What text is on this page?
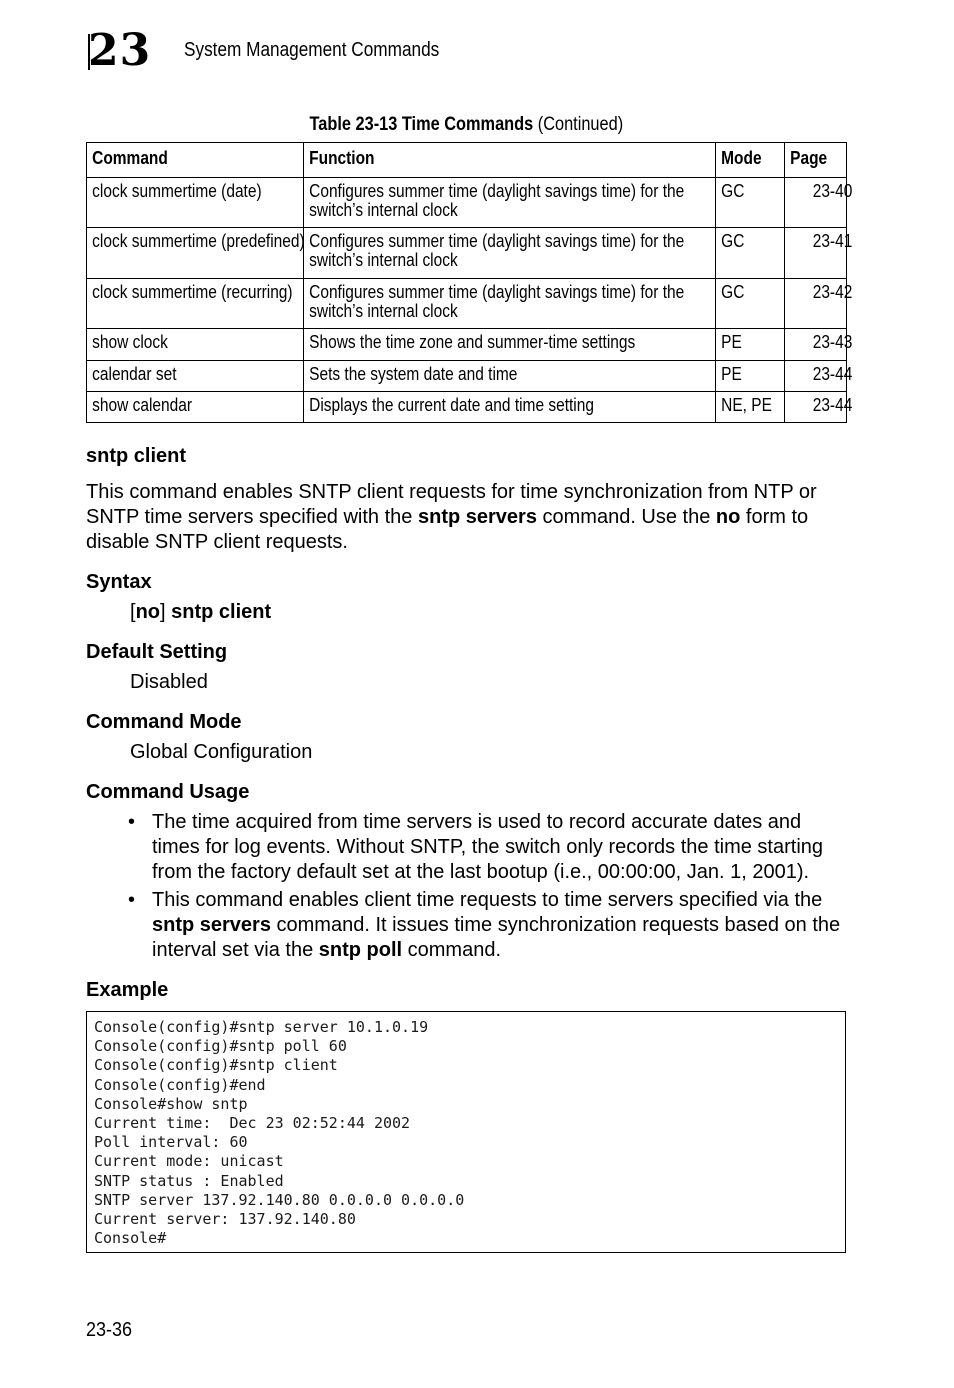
23	System Management Commands
Table 23-13 Time Commands (Continued)
Command	Function	Mode	Page

clock summertime (date)	Configures summer time (daylight savings time) for the switch’s internal clock	GC	23-40

clock summertime (predefined)	Configures summer time (daylight savings time) for the switch’s internal clock	GC	23-41

clock summertime (recurring)	Configures summer time (daylight savings time) for the switch’s internal clock	GC	23-42

show clock	Shows the time zone and summer-time settings	PE	23-43

calendar set	Sets the system date and time	PE	23-44

show calendar	Displays the current date and time setting	NE, PE	23-44
sntp client
This command enables SNTP client requests for time synchronization from NTP or SNTP time servers specified with the sntp servers command. Use the no form to disable SNTP client requests.
Syntax
[no] sntp client
Default Setting
Disabled
Command Mode
Global Configuration
Command Usage
• The time acquired from time servers is used to record accurate dates and times for log events. Without SNTP, the switch only records the time starting from the factory default set at the last bootup (i.e., 00:00:00, Jan. 1, 2001).
• This command enables client time requests to time servers specified via the sntp servers command. It issues time synchronization requests based on the interval set via the sntp poll command.
Example
Console(config)#sntp server 10.1.0.19
Console(config)#sntp poll 60
Console(config)#sntp client
Console(config)#end
Console#show sntp
Current time:  Dec 23 02:52:44 2002
Poll interval: 60
Current mode: unicast
SNTP status : Enabled
SNTP server 137.92.140.80 0.0.0.0 0.0.0.0
Current server: 137.92.140.80
Console#
23-36
